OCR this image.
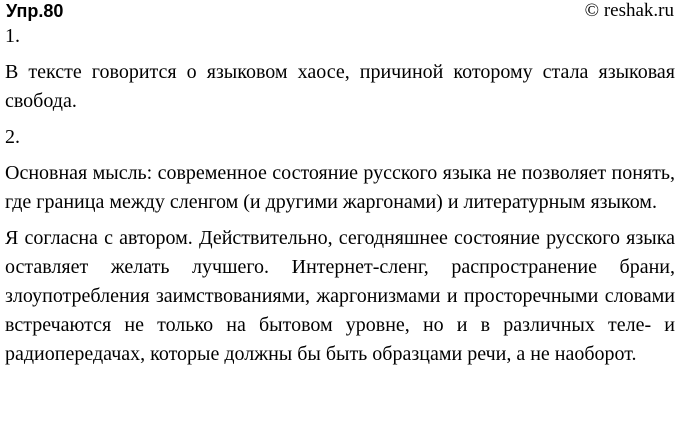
Упр.80	© reshak.ru

1.

В тексте говорится о языковом хаосе, причиной которому стала языковая свобода.

2.

Основная мысль: современное состояние русского языка не позволяет понять, где граница между сленгом (и другими жаргонами) и литературным языком.

Я согласна с автором. Действительно, сегодняшнее состояние русского языка оставляет желать лучшего. Интернет-сленг, распространение брани, злоупотребления заимствованиями, жаргонизмами и просторечными словами встречаются не только на бытовом уровне, но и в различных теле- и радиопередачах, которые должны бы быть образцами речи, а не наоборот.
